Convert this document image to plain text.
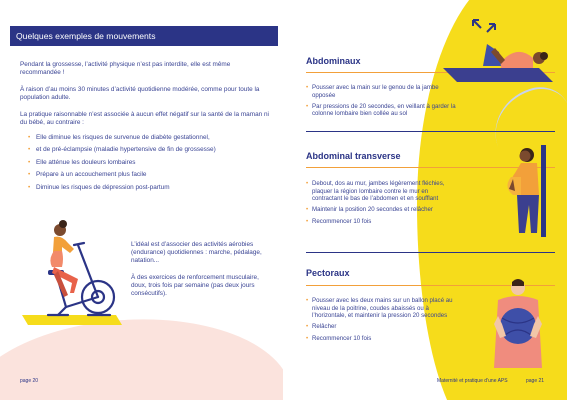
Quelques exemples de mouvements

Pendant la grossesse, l’activité physique n’est pas interdite, elle est même recommandée !

À raison d’au moins 30 minutes d’activité quotidienne modérée, comme pour toute la population adulte.

La pratique raisonnable n’est associée à aucun effet négatif sur la santé de la maman ni du bébé, au contraire :

• Elle diminue les risques de survenue de diabète gestationnel,
• et de pré-éclampsie (maladie hypertensive de fin de grossesse)
• Elle atténue les douleurs lombaires
• Prépare à un accouchement plus facile
• Diminue les risques de dépression post-partum

L’idéal est d’associer des activités aérobies (endurance) quotidiennes : marche, pédalage, natation...

À des exercices de renforcement musculaire, doux, trois fois par semaine (pas deux jours consécutifs).

page 20
Abdominaux
• Pousser avec la main sur le genou de la jambe opposée
• Par pressions de 20 secondes, en veillant à garder la colonne lombaire bien collée au sol
Abdominal transverse
• Debout, dos au mur, jambes légèrement fléchies, plaquer la région lombaire contre le mur en contractant le bas de l’abdomen et en soufflant
• Maintenir la position 20 secondes et relâcher
• Recommencer 10 fois
Pectoraux
• Pousser avec les deux mains sur un ballon placé au niveau de la poitrine, coudes abaissés ou à l’horizontale, et maintenir la pression 20 secondes
• Relâcher
• Recommencer 10 fois
Maternité et pratique d’une APS	page 21
